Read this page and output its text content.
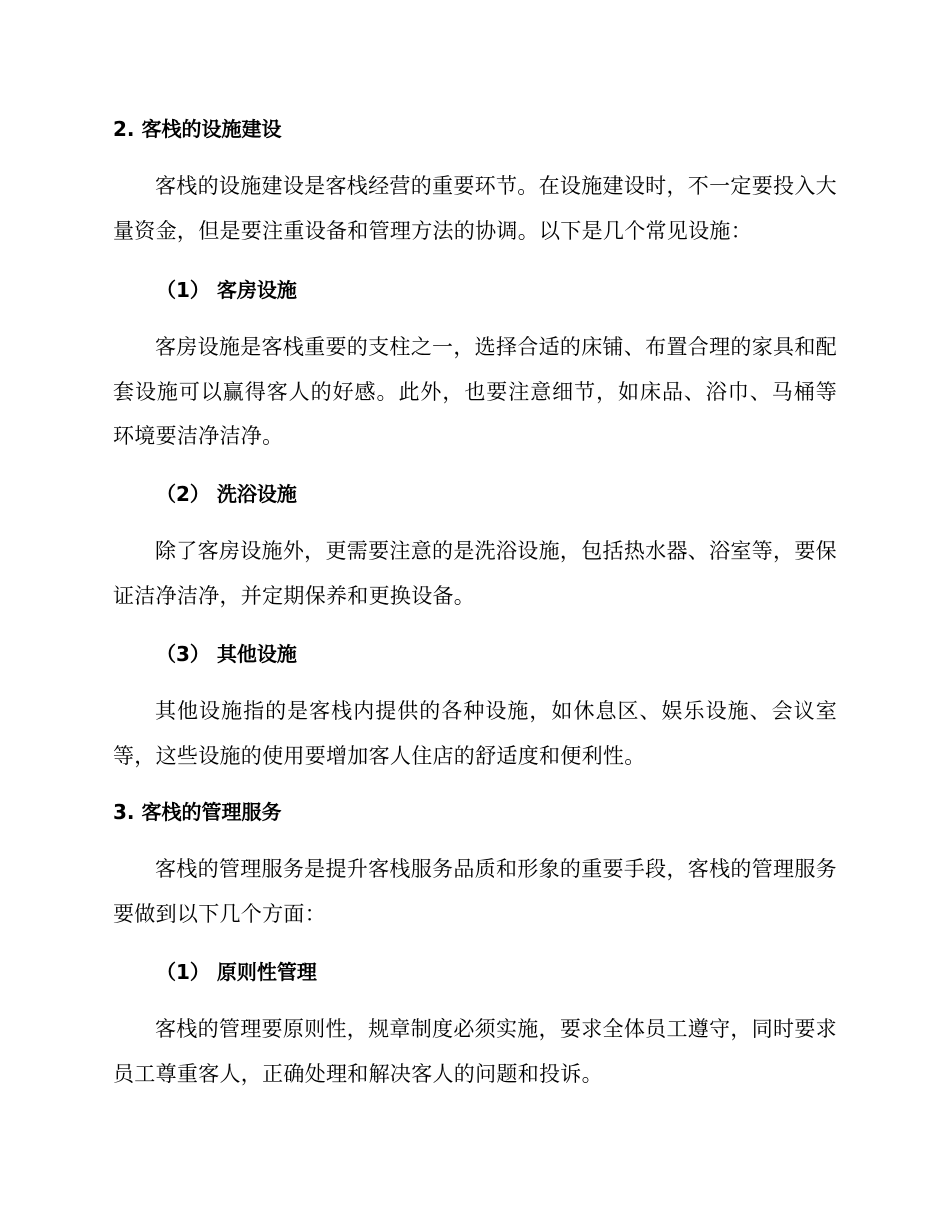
2. 客栈的设施建设

客栈的设施建设是客栈经营的重要环节。在设施建设时，不一定要投入大量资金，但是要注重设备和管理方法的协调。以下是几个常见设施：

（1） 客房设施

客房设施是客栈重要的支柱之一，选择合适的床铺、布置合理的家具和配套设施可以赢得客人的好感。此外，也要注意细节，如床品、浴巾、马桶等环境要洁净洁净。

（2） 洗浴设施

除了客房设施外，更需要注意的是洗浴设施，包括热水器、浴室等，要保证洁净洁净，并定期保养和更换设备。

（3） 其他设施

其他设施指的是客栈内提供的各种设施，如休息区、娱乐设施、会议室等，这些设施的使用要增加客人住店的舒适度和便利性。

3. 客栈的管理服务

客栈的管理服务是提升客栈服务品质和形象的重要手段，客栈的管理服务要做到以下几个方面：

（1） 原则性管理

客栈的管理要原则性，规章制度必须实施，要求全体员工遵守，同时要求员工尊重客人，正确处理和解决客人的问题和投诉。
